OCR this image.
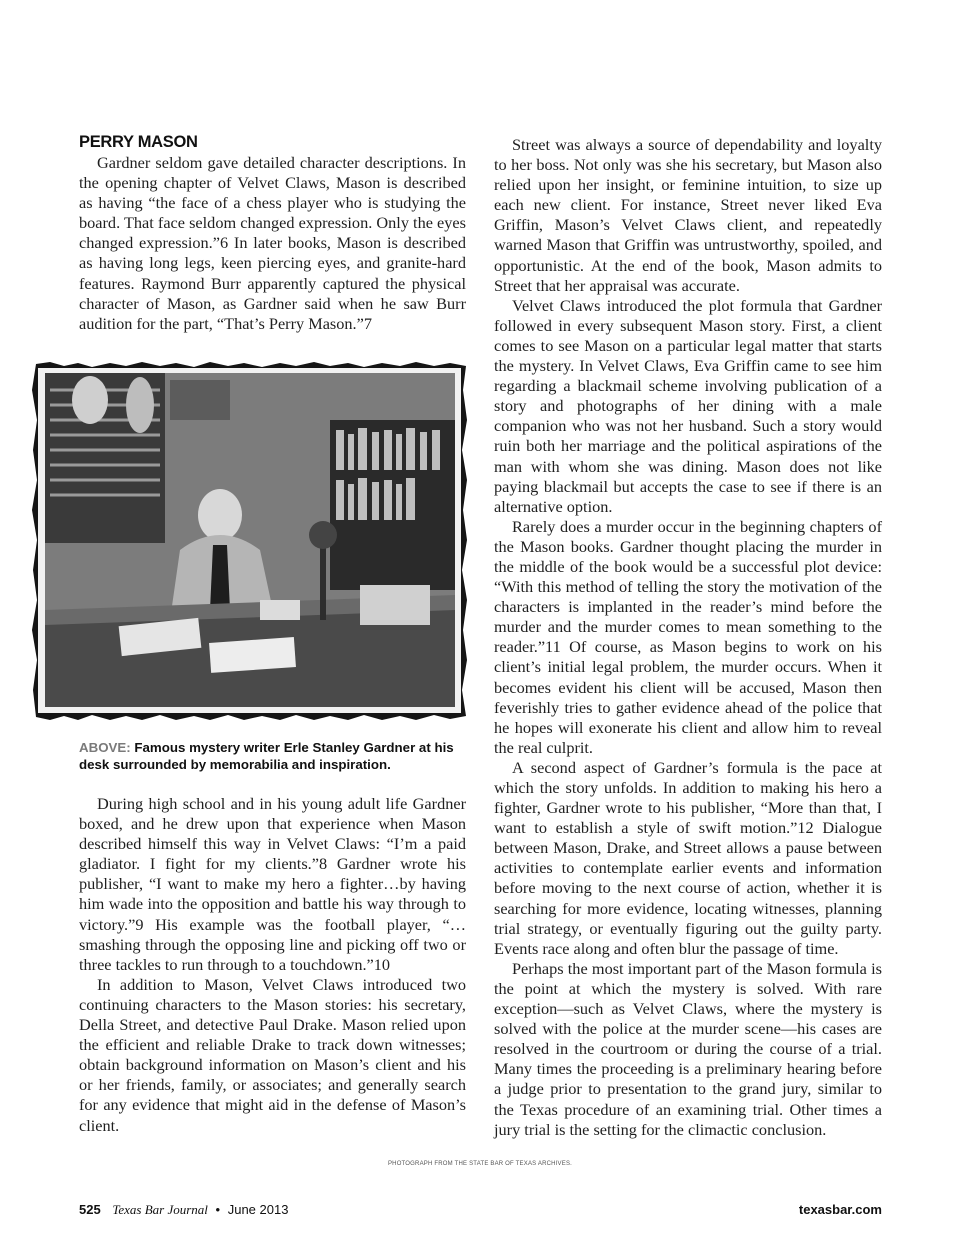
PERRY MASON

Gardner seldom gave detailed character descriptions. In the opening chapter of Velvet Claws, Mason is described as having “the face of a chess player who is studying the board. That face seldom changed expression. Only the eyes changed expression.”6 In later books, Mason is described as having long legs, keen piercing eyes, and granite-hard features. Raymond Burr apparently captured the physical character of Mason, as Gardner said when he saw Burr audition for the part, “That’s Perry Mason.”7

ABOVE: Famous mystery writer Erle Stanley Gardner at his desk surrounded by memorabilia and inspiration.

During high school and in his young adult life Gardner boxed, and he drew upon that experience when Mason described himself this way in Velvet Claws: “I’m a paid gladiator. I fight for my clients.”8 Gardner wrote his publisher, “I want to make my hero a fighter…by having him wade into the opposition and battle his way through to victory.”9 His example was the football player, “…smashing through the opposing line and picking off two or three tackles to run through to a touchdown.”10

In addition to Mason, Velvet Claws introduced two continuing characters to the Mason stories: his secretary, Della Street, and detective Paul Drake. Mason relied upon the efficient and reliable Drake to track down witnesses; obtain background information on Mason’s client and his or her friends, family, or associates; and generally search for any evidence that might aid in the defense of Mason’s client.

Street was always a source of dependability and loyalty to her boss. Not only was she his secretary, but Mason also relied upon her insight, or feminine intuition, to size up each new client. For instance, Street never liked Eva Griffin, Mason’s Velvet Claws client, and repeatedly warned Mason that Griffin was untrustworthy, spoiled, and opportunistic. At the end of the book, Mason admits to Street that her appraisal was accurate.

Velvet Claws introduced the plot formula that Gardner followed in every subsequent Mason story. First, a client comes to see Mason on a particular legal matter that starts the mystery. In Velvet Claws, Eva Griffin came to see him regarding a blackmail scheme involving publication of a story and photographs of her dining with a male companion who was not her husband. Such a story would ruin both her marriage and the political aspirations of the man with whom she was dining. Mason does not like paying blackmail but accepts the case to see if there is an alternative option.

Rarely does a murder occur in the beginning chapters of the Mason books. Gardner thought placing the murder in the middle of the book would be a successful plot device: “With this method of telling the story the motivation of the characters is implanted in the reader’s mind before the murder and the murder comes to mean something to the reader.”11 Of course, as Mason begins to work on his client’s initial legal problem, the murder occurs. When it becomes evident his client will be accused, Mason then feverishly tries to gather evidence ahead of the police that he hopes will exonerate his client and allow him to reveal the real culprit.

A second aspect of Gardner’s formula is the pace at which the story unfolds. In addition to making his hero a fighter, Gardner wrote to his publisher, “More than that, I want to establish a style of swift motion.”12 Dialogue between Mason, Drake, and Street allows a pause between activities to contemplate earlier events and information before moving to the next course of action, whether it is searching for more evidence, locating witnesses, planning trial strategy, or eventually figuring out the guilty party. Events race along and often blur the passage of time.

Perhaps the most important part of the Mason formula is the point at which the mystery is solved. With rare exception—such as Velvet Claws, where the mystery is solved with the police at the murder scene—his cases are resolved in the courtroom or during the course of a trial. Many times the proceeding is a preliminary hearing before a judge prior to presentation to the grand jury, similar to the Texas procedure of an examining trial. Other times a jury trial is the setting for the climactic conclusion.

PHOTOGRAPH FROM THE STATE BAR OF TEXAS ARCHIVES.
525 Texas Bar Journal • June 2013	texasbar.com
